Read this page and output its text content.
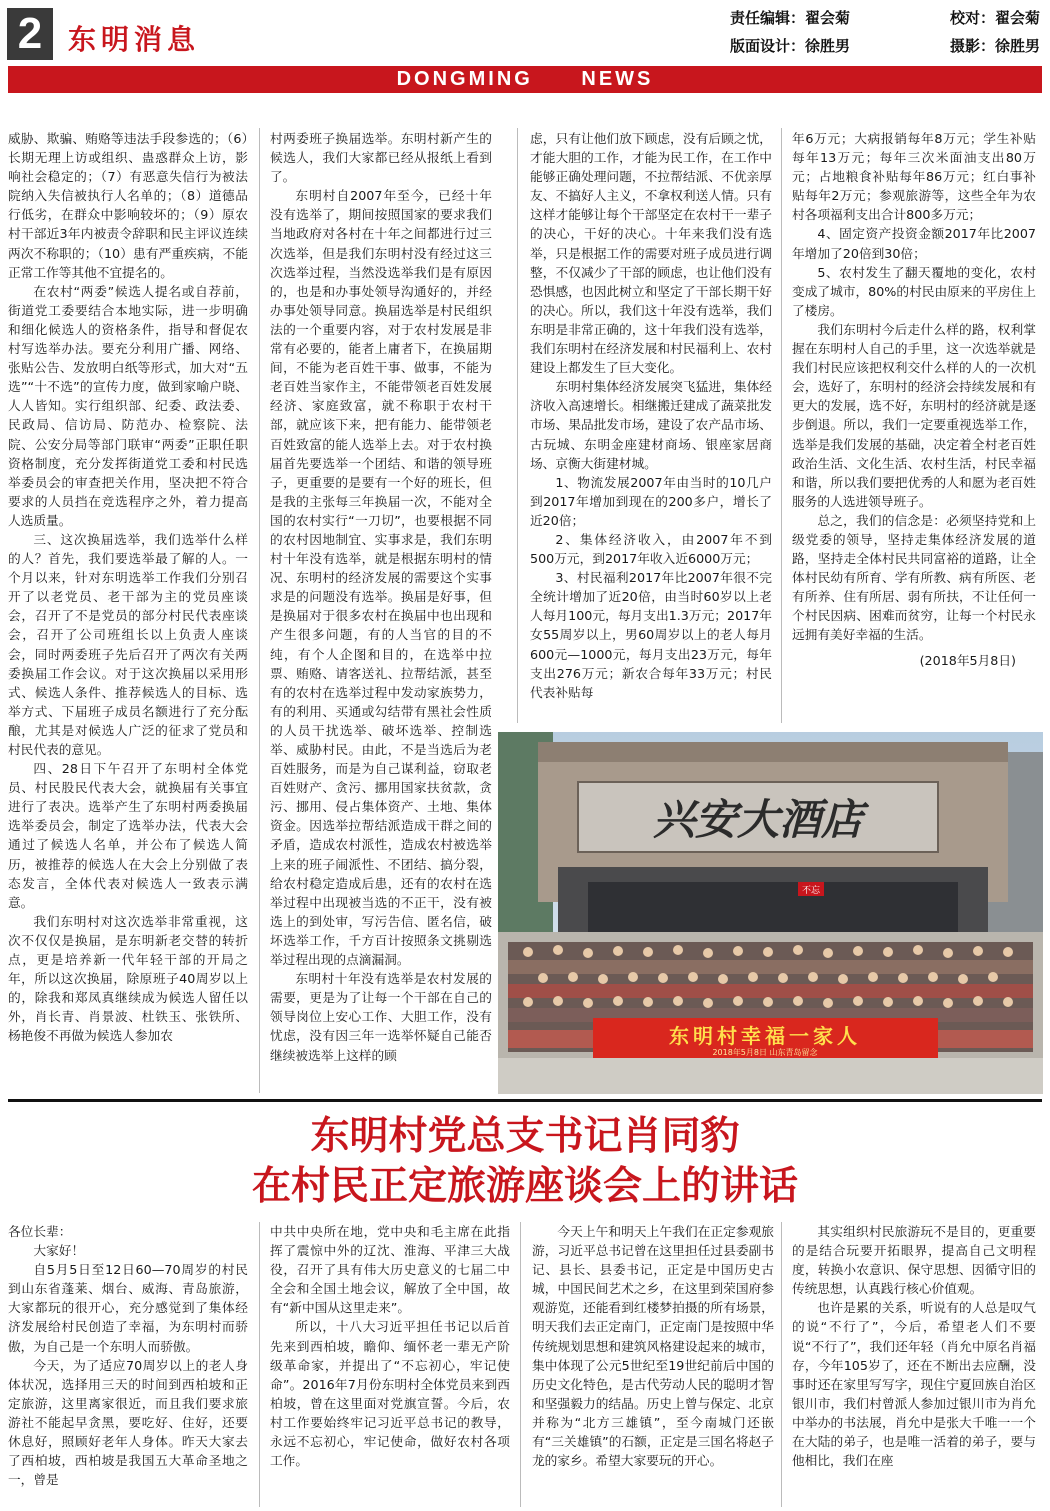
2 东明消息
责任编辑：翟会菊	校对：翟会菊
版面设计：徐胜男	摄影：徐胜男
DONGMING NEWS

威胁、欺骗、贿赂等违法手段参选的；（6）长期无理上访或组织、蛊惑群众上访，影响社会稳定的；（7）有恶意失信行为被法院纳入失信被执行人名单的；（8）道德品行低劣，在群众中影响较坏的；（9）原农村干部近3年内被责令辞职和民主评议连续两次不称职的；（10）患有严重疾病，不能正常工作等其他不宜提名的。

在农村“两委”候选人提名或自荐前，街道党工委要结合本地实际，进一步明确和细化候选人的资格条件，指导和督促农村写选举办法。要充分利用广播、网络、张贴公告、发放明白纸等形式，加大对“五选”“十不选”的宣传力度，做到家喻户晓、人人皆知。实行组织部、纪委、政法委、民政局、信访局、防范办、检察院、法院、公安分局等部门联审“两委”正职任职资格制度，充分发挥街道党工委和村民选举委员会的审查把关作用，坚决把不符合要求的人员挡在竞选程序之外，着力提高人选质量。

三、这次换届选举，我们选举什么样的人？首先，我们要选举最了解的人。一个月以来，针对东明选举工作我们分别召开了以老党员、老干部为主的党员座谈会，召开了不是党员的部分村民代表座谈会，召开了公司班组长以上负责人座谈会，同时两委班子先后召开了两次有关两委换届工作会议。对于这次换届以采用形式、候选人条件、推荐候选人的目标、选举方式、下届班子成员名额进行了充分酝酿，尤其是对候选人广泛的征求了党员和村民代表的意见。

四、28日下午召开了东明村全体党员、村民股民代表大会，就换届有关事宜进行了表决。选举产生了东明村两委换届选举委员会，制定了选举办法，代表大会通过了候选人名单，并公布了候选人简历，被推荐的候选人在大会上分别做了表态发言，全体代表对候选人一致表示满意。

我们东明村对这次选举非常重视，这次不仅仅是换届，是东明新老交替的转折点，更是培养新一代年轻干部的开局之年，所以这次换届，除原班子40周岁以上的，除我和郑凤真继续成为候选人留任以外，肖长青、肖景波、杜铁玉、张铁所、杨艳俊不再做为候选人参加农

村两委班子换届选举。东明村新产生的候选人，我们大家都已经从报纸上看到了。

东明村自2007年至今，已经十年没有选举了，期间按照国家的要求我们当地政府对各村在十年之间都进行过三次选举，但是我们东明村没有经过这三次选举过程，当然没选举我们是有原因的，也是和办事处领导沟通好的，并经办事处领导同意。换届选举是村民组织法的一个重要内容，对于农村发展是非常有必要的，能者上庸者下，在换届期间，不能为老百姓干事、做事，不能为老百姓当家作主，不能带领老百姓发展经济、家庭致富，就不称职于农村干部，就应该下来，把有能力、能带领老百姓致富的能人选举上去。对于农村换届首先要选举一个团结、和谐的领导班子，更重要的是要有一个好的班长，但是我的主张每三年换届一次，不能对全国的农村实行“一刀切”，也要根据不同的农村因地制宜、实事求是，我们东明村十年没有选举，就是根据东明村的情况、东明村的经济发展的需要这个实事求是的问题没有选举。换届是好事，但是换届对于很多农村在换届中也出现和产生很多问题，有的人当官的目的不纯，有个人企图和目的，在选举中拉票、贿赂、请客送礼、拉帮结派，甚至有的农村在选举过程中发动家族势力，有的利用、买通或勾结带有黑社会性质的人员干扰选举、破坏选举、控制选举、威胁村民。由此，不是当选后为老百姓服务，而是为自己谋利益，窃取老百姓财产、贪污、挪用国家扶贫款，贪污、挪用、侵占集体资产、土地、集体资金。因选举拉帮结派造成干群之间的矛盾，造成农村派性，造成农村被选举上来的班子闹派性、不团结、搞分裂，给农村稳定造成后患，还有的农村在选举过程中出现被当选的不正干，没有被选上的到处审，写污告信、匿名信，破坏选举工作，千方百计按照条文挑剔选举过程出现的点滴漏洞。

东明村十年没有选举是农村发展的需要，更是为了让每一个干部在自己的领导岗位上安心工作、大胆工作，没有忧虑，没有因三年一选举怀疑自己能否继续被选举上这样的顾

虑，只有让他们放下顾虑，没有后顾之忧，才能大胆的工作，才能为民工作，在工作中能够正确处理问题，不拉帮结派、不优亲厚友、不搞好人主义，不拿权利送人情。只有这样才能够让每个干部坚定在农村干一辈子的决心，干好的决心。十年来我们没有选举，只是根据工作的需要对班子成员进行调整，不仅减少了干部的顾虑，也让他们没有恐惧感，也因此树立和坚定了干部长期干好的决心。所以，我们这十年没有选举，我们东明是非常正确的，这十年我们没有选举，我们东明村在经济发展和村民福利上、农村建设上都发生了巨大变化。

东明村集体经济发展突飞猛进，集体经济收入高速增长。相继搬迁建成了蔬菜批发市场、果品批发市场，建设了农产品市场、古玩城、东明金座建材商场、银座家居商场、京衡大街建材城。

1、物流发展2007年由当时的10几户到2017年增加到现在的200多户，增长了近20倍；

2、集体经济收入，由2007年不到500万元，到2017年收入近6000万元；

3、村民福利2017年比2007年很不完全统计增加了近20倍，由当时60岁以上老人每月100元，每月支出1.3万元；2017年女55周岁以上，男60周岁以上的老人每月600元—1000元，每月支出23万元，每年支出276万元；新农合每年33万元；村民代表补贴每

年6万元；大病报销每年8万元；学生补贴每年13万元；每年三次米面油支出80万元；占地粮食补贴每年86万元；红白事补贴每年2万元；参观旅游等，这些全年为农村各项福利支出合计800多万元；

4、固定资产投资金额2017年比2007年增加了20倍到30倍；

5、农村发生了翻天覆地的变化，农村变成了城市，80%的村民由原来的平房住上了楼房。

我们东明村今后走什么样的路，权利掌握在东明村人自己的手里，这一次选举就是我们村民应该把权利交什么样的人的一次机会，选好了，东明村的经济会持续发展和有更大的发展，选不好，东明村的经济就是逐步倒退。所以，我们一定要重视选举工作，选举是我们发展的基础，决定着全村老百姓政治生活、文化生活、农村生活，村民幸福和谐，所以我们要把优秀的人和愿为老百姓服务的人选进领导班子。

总之，我们的信念是：必须坚持党和上级党委的领导，坚持走集体经济发展的道路，坚持走全体村民共同富裕的道路，让全体村民幼有所育、学有所教、病有所医、老有所养、住有所居、弱有所扶，不让任何一个村民因病、困难而贫穷，让每一个村民永远拥有美好幸福的生活。

(2018年5月8日)
兴安大酒店
不忘
东明村幸福一家人
2018年5月8日 山东青岛留念
东明村党总支书记肖同豹
在村民正定旅游座谈会上的讲话

各位长辈：

大家好！

自5月5日至12日60—70周岁的村民到山东省蓬莱、烟台、威海、青岛旅游，大家都玩的很开心，充分感觉到了集体经济发展给村民创造了幸福，为东明村而骄傲，为自己是一个东明人而骄傲。

今天，为了适应70周岁以上的老人身体状况，选择用三天的时间到西柏坡和正定旅游，这里离家很近，而且我们要求旅游社不能起早贪黑，要吃好、住好，还要休息好，照顾好老年人身体。昨天大家去了西柏坡，西柏坡是我国五大革命圣地之一，曾是

中共中央所在地，党中央和毛主席在此指挥了震惊中外的辽沈、淮海、平津三大战役，召开了具有伟大历史意义的七届二中全会和全国土地会议，解放了全中国，故有“新中国从这里走来”。

所以，十八大习近平担任书记以后首先来到西柏坡，瞻仰、缅怀老一辈无产阶级革命家，并提出了“不忘初心，牢记使命”。2016年7月份东明村全体党员来到西柏坡，曾在这里面对党旗宣誓。今后，农村工作要始终牢记习近平总书记的教导，永远不忘初心，牢记使命，做好农村各项工作。

今天上午和明天上午我们在正定参观旅游，习近平总书记曾在这里担任过县委副书记、县长、县委书记，正定是中国历史古城，中国民间艺术之乡，在这里到荣国府参观游览，还能看到红楼梦拍摄的所有场景，明天我们去正定南门，正定南门是按照中华传统规划思想和建筑风格建设起来的城市，集中体现了公元5世纪至19世纪前后中国的历史文化特色，是古代劳动人民的聪明才智和坚强毅力的结晶。历史上曾与保定、北京并称为“北方三雄镇”，至今南城门还嵌有“三关雄镇”的石额，正定是三国名将赵子龙的家乡。希望大家要玩的开心。

其实组织村民旅游玩不是目的，更重要的是结合玩要开拓眼界，提高自己文明程度，转换小农意识、保守思想、因循守旧的传统思想，认真践行核心价值观。

也许是累的关系，听说有的人总是叹气的说“不行了”，今后，希望老人们不要说“不行了”，我们还年轻（肖允中原名肖福存，今年105岁了，还在不断出去应酬，没事时还在家里写写字，现住宁夏回族自治区银川市，我们村曾派人参加过银川市为肖允中举办的书法展，肖允中是张大千唯一一个在大陆的弟子，也是唯一活着的弟子，要与他相比，我们在座
